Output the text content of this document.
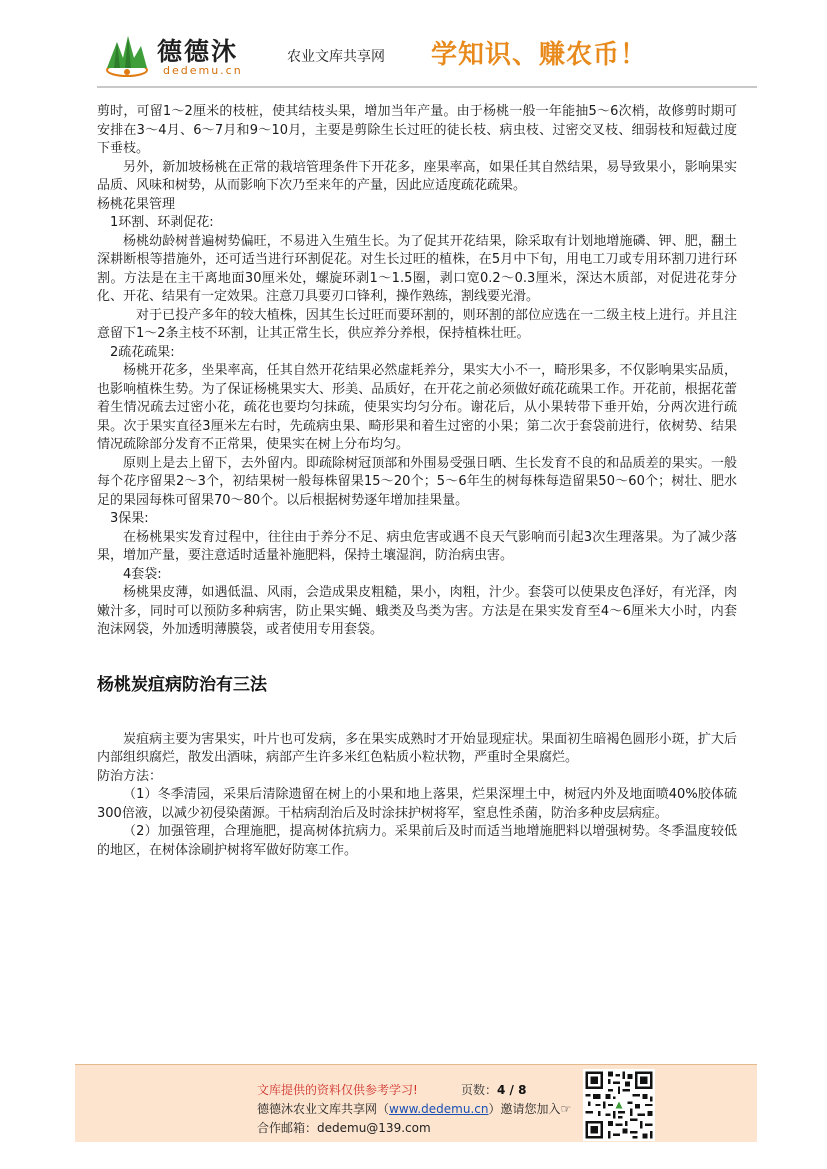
德德沐
dedemu.cn
农业文库共享网 学知识、赚农币！

剪时，可留1～2厘米的枝桩，使其结枝头果，增加当年产量。由于杨桃一般一年能抽5～6次梢，故修剪时期可安排在3～4月、6～7月和9～10月，主要是剪除生长过旺的徒长枝、病虫枝、过密交叉枝、细弱枝和短截过度下垂枝。

另外，新加坡杨桃在正常的栽培管理条件下开花多，座果率高，如果任其自然结果，易导致果小，影响果实品质、风味和树势，从而影响下次乃至来年的产量，因此应适度疏花疏果。

杨桃花果管理

1环割、环剥促花:

杨桃幼龄树普遍树势偏旺，不易进入生殖生长。为了促其开花结果，除采取有计划地增施磷、钾、肥，翻土深耕断根等措施外，还可适当进行环割促花。对生长过旺的植株，在5月中下旬，用电工刀或专用环割刀进行环割。方法是在主干离地面30厘米处，螺旋环剥1～1.5圈，剥口宽0.2～0.3厘米，深达木质部，对促进花芽分化、开花、结果有一定效果。注意刀具要刃口锋利，操作熟练，割线要光滑。

对于已投产多年的较大植株，因其生长过旺而要环割的，则环割的部位应选在一二级主枝上进行。并且注意留下1～2条主枝不环割，让其正常生长，供应养分养根，保持植株壮旺。

2疏花疏果:

杨桃开花多，坐果率高，任其自然开花结果必然虚耗养分，果实大小不一，畸形果多，不仅影响果实品质，也影响植株生势。为了保证杨桃果实大、形美、品质好，在开花之前必须做好疏花疏果工作。开花前，根据花蕾着生情况疏去过密小花，疏花也要均匀抹疏，使果实均匀分布。谢花后，从小果转带下垂开始，分两次进行疏果。次于果实直径3厘米左右时，先疏病虫果、畸形果和着生过密的小果；第二次于套袋前进行，依树势、结果情况疏除部分发育不正常果，使果实在树上分布均匀。

原则上是去上留下，去外留内。即疏除树冠顶部和外围易受强日晒、生长发育不良的和品质差的果实。一般每个花序留果2～3个，初结果树一般每株留果15～20个；5～6年生的树每株每造留果50～60个；树壮、肥水足的果园每株可留果70～80个。以后根据树势逐年增加挂果量。

3保果:

在杨桃果实发育过程中，往往由于养分不足、病虫危害或遇不良天气影响而引起3次生理落果。为了减少落果，增加产量，要注意适时适量补施肥料，保持土壤湿润，防治病虫害。

4套袋:

杨桃果皮薄，如遇低温、风雨，会造成果皮粗糙，果小，肉粗，汁少。套袋可以使果皮色泽好，有光泽，肉嫩汁多，同时可以预防多种病害，防止果实蝇、蛾类及鸟类为害。方法是在果实发育至4～6厘米大小时，内套泡沫网袋，外加透明薄膜袋，或者使用专用套袋。

杨桃炭疽病防治有三法

炭疽病主要为害果实，叶片也可发病，多在果实成熟时才开始显现症状。果面初生暗褐色圆形小斑，扩大后内部组织腐烂，散发出酒味，病部产生许多米红色粘质小粒状物，严重时全果腐烂。

防治方法：

（1）冬季清园，采果后清除遗留在树上的小果和地上落果，烂果深埋土中，树冠内外及地面喷40%胶体硫300倍液，以减少初侵染菌源。干枯病刮治后及时涂抹护树将军，窒息性杀菌，防治多种皮层病症。

（2）加强管理，合理施肥，提高树体抗病力。采果前后及时而适当地增施肥料以增强树势。冬季温度较低的地区，在树体涂刷护树将军做好防寒工作。

文库提供的资料仅供参考学习!	页数：4 / 8
德德沐农业文库共享网（www.dedemu.cn）邀请您加入☞
合作邮箱：dedemu@139.com
